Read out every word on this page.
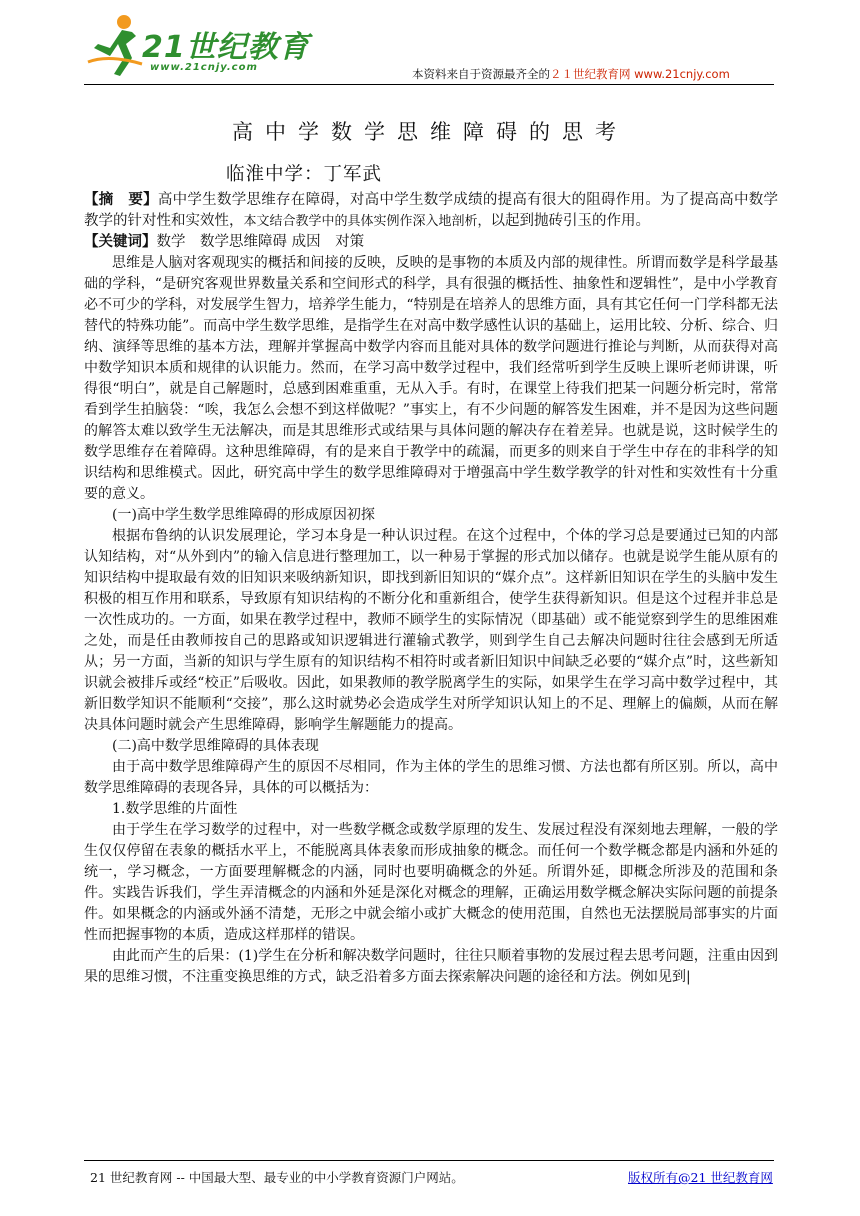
21世纪教育
www.21cnjy.com	本资料来自于资源最齐全的２１世纪教育网 www.21cnjy.com
高中学数学思维障碍的思考
临淮中学：丁军武

【摘　要】高中学生数学思维存在障碍，对高中学生数学成绩的提高有很大的阻碍作用。为了提高高中数学教学的针对性和实效性，本文结合教学中的具体实例作深入地剖析，以起到抛砖引玉的作用。

【关键词】数学　数学思维障碍 成因　对策

思维是人脑对客观现实的概括和间接的反映，反映的是事物的本质及内部的规律性。所谓而数学是科学最基础的学科，“是研究客观世界数量关系和空间形式的科学，具有很强的概括性、抽象性和逻辑性”，是中小学教育必不可少的学科，对发展学生智力，培养学生能力，“特别是在培养人的思维方面，具有其它任何一门学科都无法替代的特殊功能”。而高中学生数学思维，是指学生在对高中数学感性认识的基础上，运用比较、分析、综合、归纳、演绎等思维的基本方法，理解并掌握高中数学内容而且能对具体的数学问题进行推论与判断，从而获得对高中数学知识本质和规律的认识能力。然而，在学习高中数学过程中，我们经常听到学生反映上课听老师讲课，听得很“明白”，就是自己解题时，总感到困难重重，无从入手。有时，在课堂上待我们把某一问题分析完时，常常看到学生拍脑袋：“唉，我怎么会想不到这样做呢？”事实上，有不少问题的解答发生困难，并不是因为这些问题的解答太难以致学生无法解决，而是其思维形式或结果与具体问题的解决存在着差异。也就是说，这时候学生的数学思维存在着障碍。这种思维障碍，有的是来自于教学中的疏漏，而更多的则来自于学生中存在的非科学的知识结构和思维模式。因此，研究高中学生的数学思维障碍对于增强高中学生数学教学的针对性和实效性有十分重要的意义。

(一)高中学生数学思维障碍的形成原因初探

根据布鲁纳的认识发展理论，学习本身是一种认识过程。在这个过程中，个体的学习总是要通过已知的内部认知结构，对“从外到内”的输入信息进行整理加工，以一种易于掌握的形式加以储存。也就是说学生能从原有的知识结构中提取最有效的旧知识来吸纳新知识，即找到新旧知识的“媒介点”。这样新旧知识在学生的头脑中发生积极的相互作用和联系，导致原有知识结构的不断分化和重新组合，使学生获得新知识。但是这个过程并非总是一次性成功的。一方面，如果在教学过程中，教师不顾学生的实际情况（即基础）或不能觉察到学生的思维困难之处，而是任由教师按自己的思路或知识逻辑进行灌输式教学，则到学生自己去解决问题时往往会感到无所适从；另一方面，当新的知识与学生原有的知识结构不相符时或者新旧知识中间缺乏必要的“媒介点”时，这些新知识就会被排斥或经“校正”后吸收。因此，如果教师的教学脱离学生的实际，如果学生在学习高中数学过程中，其新旧数学知识不能顺利“交接”，那么这时就势必会造成学生对所学知识认知上的不足、理解上的偏颇，从而在解决具体问题时就会产生思维障碍，影响学生解题能力的提高。

(二)高中数学思维障碍的具体表现

由于高中数学思维障碍产生的原因不尽相同，作为主体的学生的思维习惯、方法也都有所区别。所以，高中数学思维障碍的表现各异，具体的可以概括为：

1.数学思维的片面性

由于学生在学习数学的过程中，对一些数学概念或数学原理的发生、发展过程没有深刻地去理解，一般的学生仅仅停留在表象的概括水平上，不能脱离具体表象而形成抽象的概念。而任何一个数学概念都是内涵和外延的统一，学习概念，一方面要理解概念的内涵，同时也要明确概念的外延。所谓外延，即概念所涉及的范围和条件。实践告诉我们，学生弄清概念的内涵和外延是深化对概念的理解，正确运用数学概念解决实际问题的前提条件。如果概念的内涵或外涵不清楚，无形之中就会缩小或扩大概念的使用范围，自然也无法摆脱局部事实的片面性而把握事物的本质，造成这样那样的错误。

由此而产生的后果：(1)学生在分析和解决数学问题时，往往只顺着事物的发展过程去思考问题，注重由因到果的思维习惯，不注重变换思维的方式，缺乏沿着多方面去探索解决问题的途径和方法。例如见到|

21 世纪教育网 -- 中国最大型、最专业的中小学教育资源门户网站。	版权所有@21 世纪教育网
